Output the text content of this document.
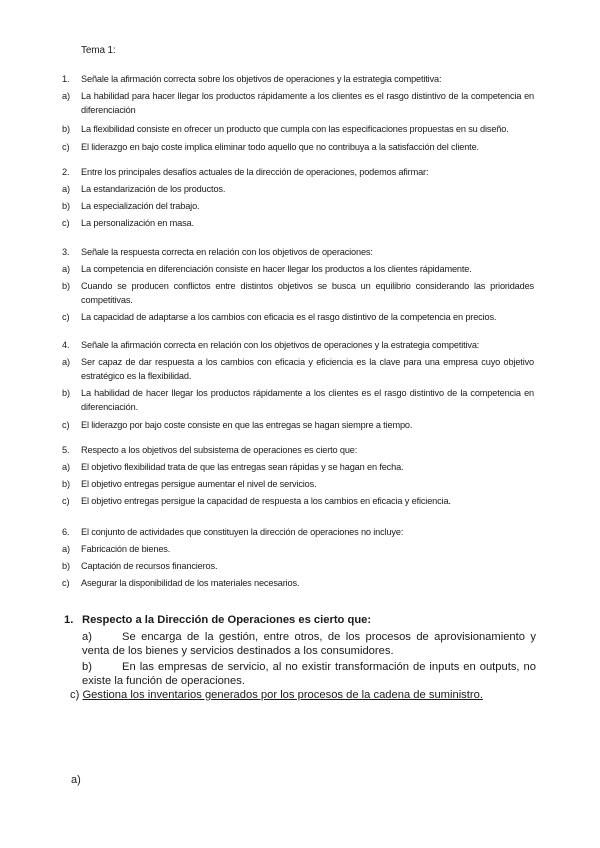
Tema 1:
1. Señale la afirmación correcta sobre los objetivos de operaciones y la estrategia competitiva:
a) La habilidad para hacer llegar los productos rápidamente a los clientes es el rasgo distintivo de la competencia en diferenciación
b) La flexibilidad consiste en ofrecer un producto que cumpla con las especificaciones propuestas en su diseño.
c) El liderazgo en bajo coste implica eliminar todo aquello que no contribuya a la satisfacción del cliente.
2. Entre los principales desafíos actuales de la dirección de operaciones, podemos afirmar:
a) La estandarización de los productos.
b) La especialización del trabajo.
c) La personalización en masa.
3. Señale la respuesta correcta en relación con los objetivos de operaciones:
a) La competencia en diferenciación consiste en hacer llegar los productos a los clientes rápidamente.
b) Cuando se producen conflictos entre distintos objetivos se busca un equilibrio considerando las prioridades competitivas.
c) La capacidad de adaptarse a los cambios con eficacia es el rasgo distintivo de la competencia en precios.
4. Señale la afirmación correcta en relación con los objetivos de operaciones y la estrategia competitiva:
a) Ser capaz de dar respuesta a los cambios con eficacia y eficiencia es la clave para una empresa cuyo objetivo estratégico es la flexibilidad.
b) La habilidad de hacer llegar los productos rápidamente a los clientes es el rasgo distintivo de la competencia en diferenciación.
c) El liderazgo por bajo coste consiste en que las entregas se hagan siempre a tiempo.
5. Respecto a los objetivos del subsistema de operaciones es cierto que:
a) El objetivo flexibilidad trata de que las entregas sean rápidas y se hagan en fecha.
b) El objetivo entregas persigue aumentar el nivel de servicios.
c) El objetivo entregas persigue la capacidad de respuesta a los cambios en eficacia y eficiencia.
6. El conjunto de actividades que constituyen la dirección de operaciones no incluye:
a) Fabricación de bienes.
b) Captación de recursos financieros.
c) Asegurar la disponibilidad de los materiales necesarios.
1. Respecto a la Dirección de Operaciones es cierto que:
a)	Se encarga de la gestión, entre otros, de los procesos de aprovisionamiento y venta de los bienes y servicios destinados a los consumidores.
b)	En las empresas de servicio, al no existir transformación de inputs en outputs, no existe la función de operaciones.
c) Gestiona los inventarios generados por los procesos de la cadena de suministro.
a)
